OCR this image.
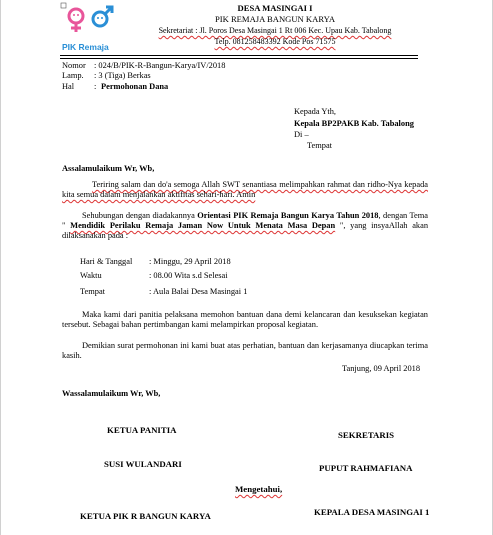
PIK Remaja
DESA MASINGAI I
PIK REMAJA BANGUN KARYA
Sekretariat : Jl. Poros Desa Masingai 1 Rt 006 Kec. Upau Kab. Tabalong
Telp. 081258483392 Kode Pos 71575
Nomor : 024/B/PIK-R-Bangun-Karya/IV/2018
Lamp. : 3 (Tiga) Berkas
Hal : Permohonan Dana
Kepada Yth,
Kepala BP2PAKB Kab. Tabalong
Di –
Tempat
Assalamulaikum Wr, Wb,
Teriring salam dan do'a semoga Allah SWT senantiasa melimpahkan rahmat dan ridho-Nya kepada kita semua dalam menjalankan aktifitas sehari-hari. Amin
Sehubungan dengan diadakannya Orientasi PIK Remaja Bangun Karya Tahun 2018, dengan Tema " Mendidik Perilaku Remaja Jaman Now Untuk Menata Masa Depan ", yang insyaAllah akan dilaksanakan pada :
Hari & Tanggal : Minggu, 29 April 2018
Waktu	: 08.00 Wita s.d Selesai
Tempat	: Aula Balai Desa Masingai 1
Maka kami dari panitia pelaksana memohon bantuan dana demi kelancaran dan kesuksekan kegiatan tersebut. Sebagai bahan pertimbangan kami melampirkan proposal kegiatan.
Demikian surat permohonan ini kami buat atas perhatian, bantuan dan kerjasamanya diucapkan terima kasih.
Tanjung, 09 April 2018
Wassalamulaikum Wr, Wb,
KETUA PANITIA	SEKRETARIS
SUSI WULANDARI	PUPUT RAHMAFIANA
Mengetahui,
KETUA PIK R BANGUN KARYA	KEPALA DESA MASINGAI 1
